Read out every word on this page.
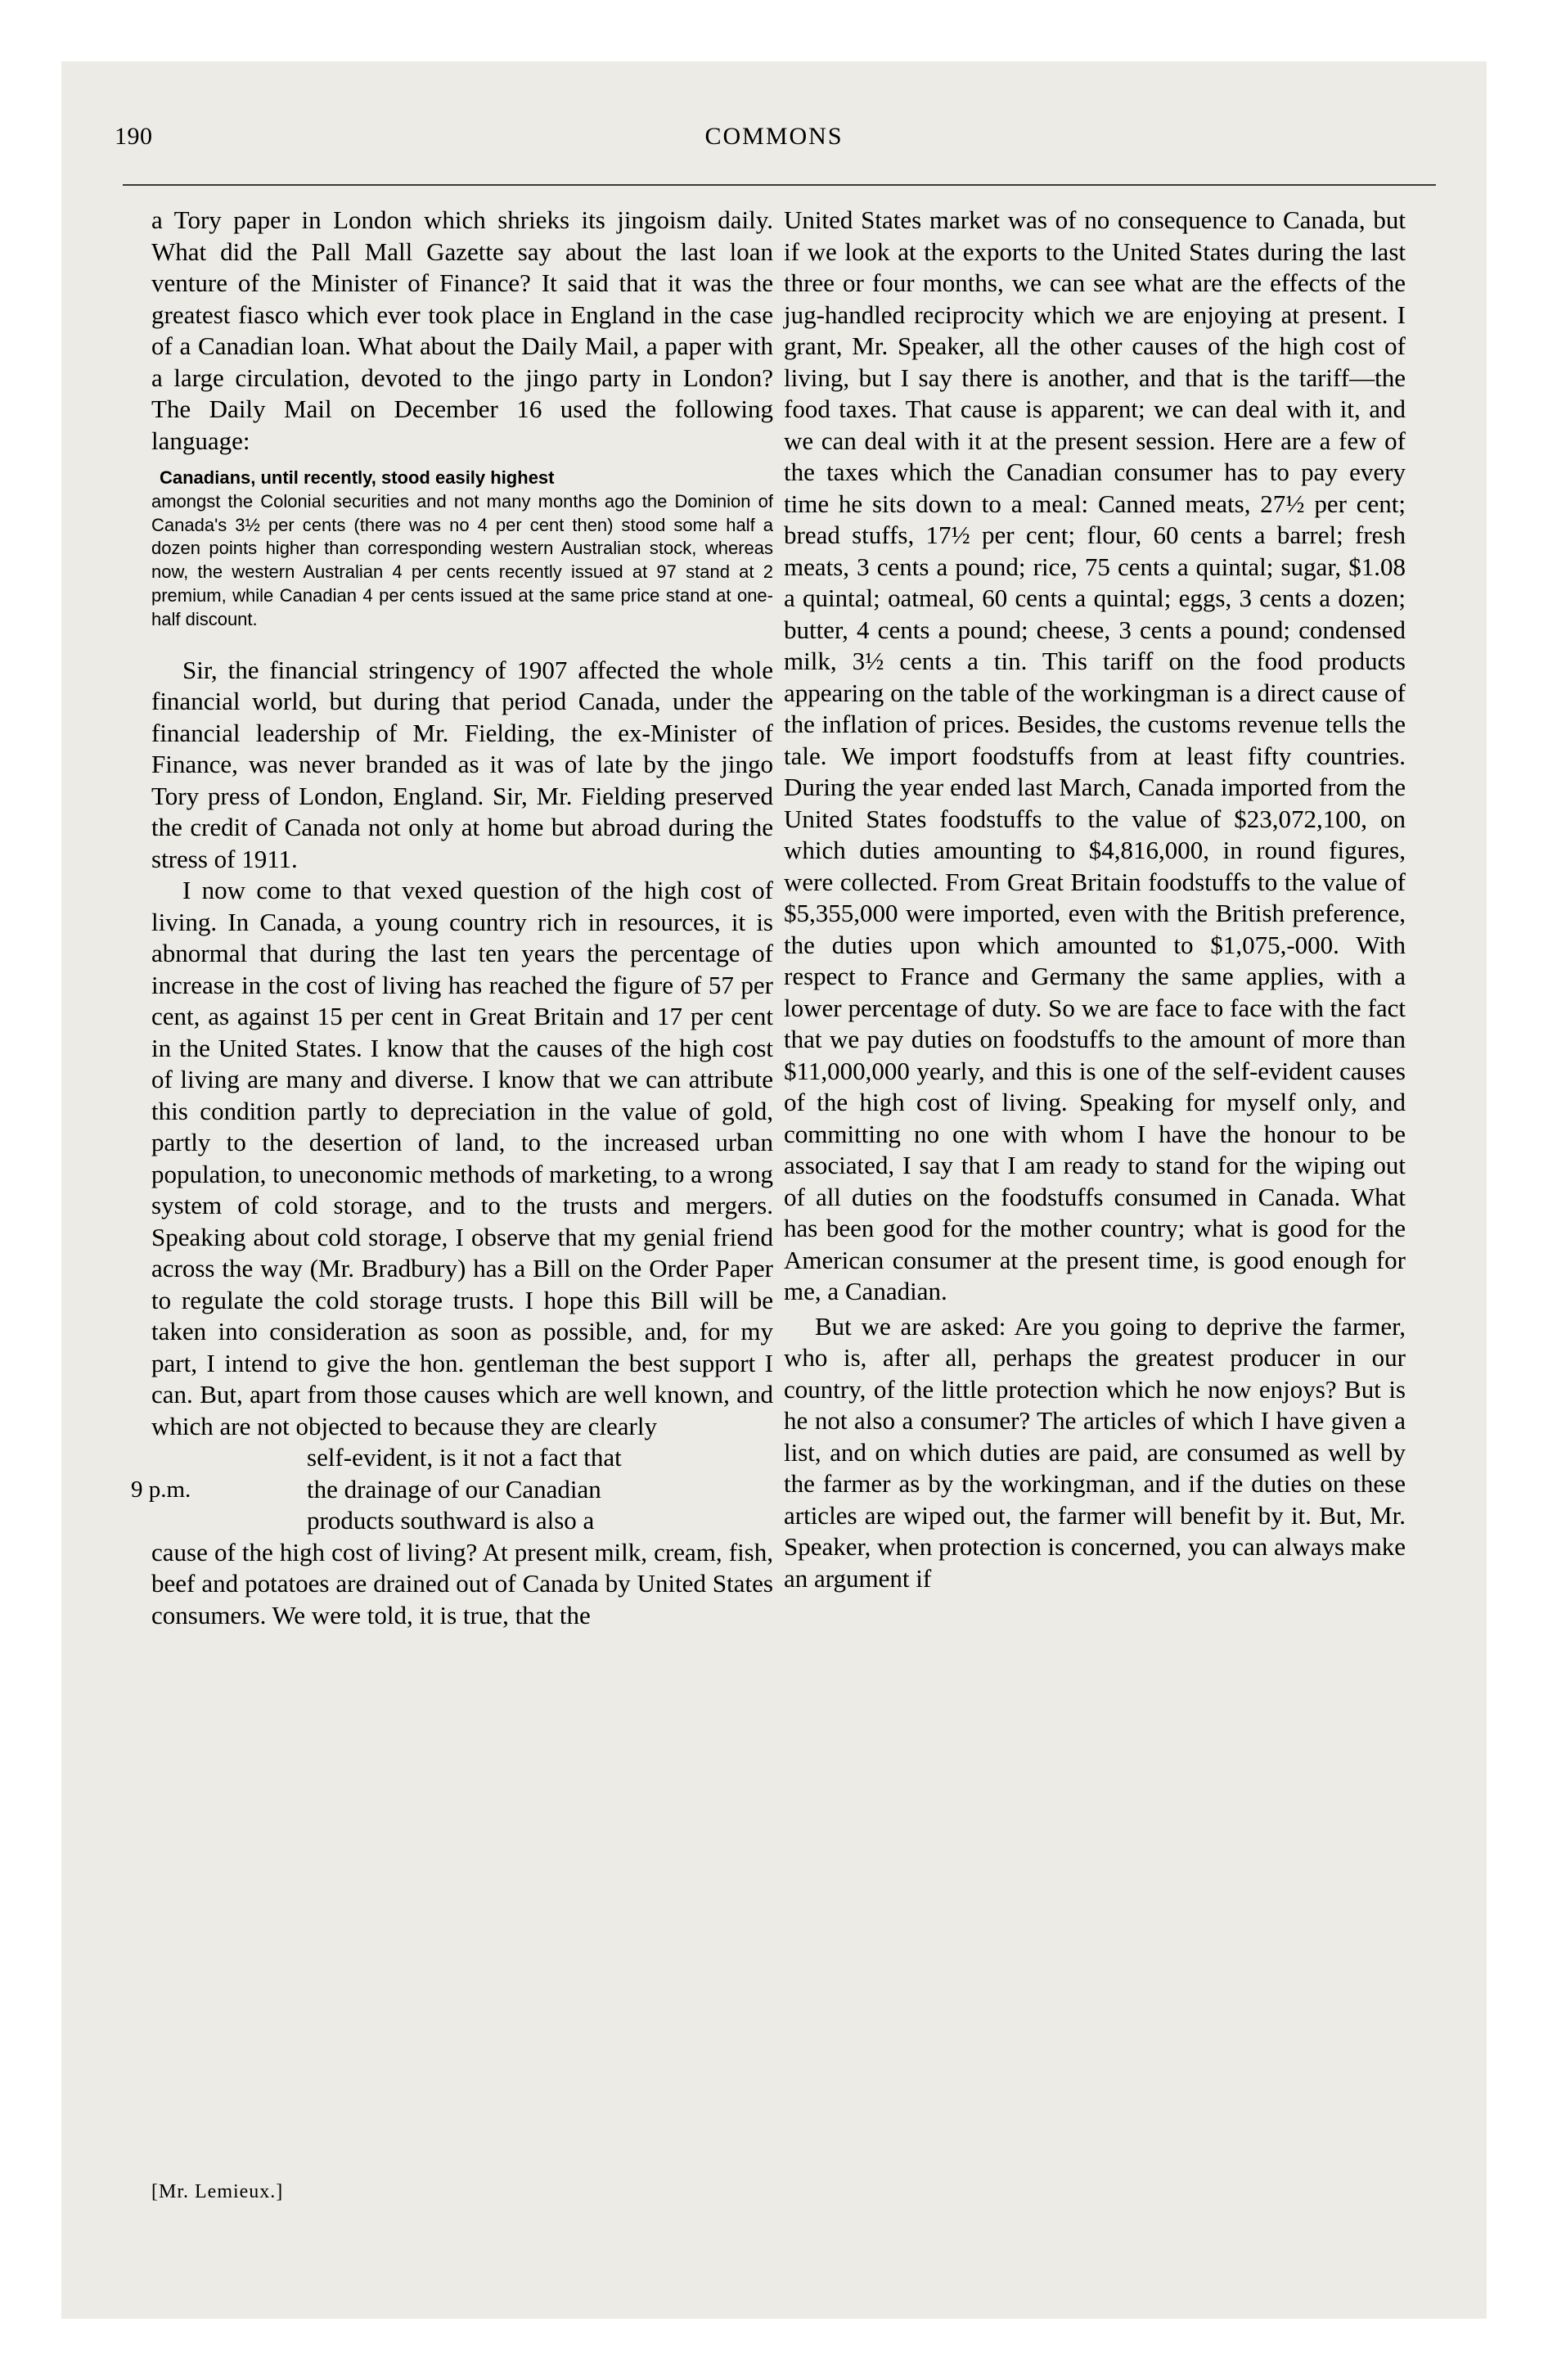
190	COMMONS

a Tory paper in London which shrieks its jingoism daily. What did the Pall Mall Gazette say about the last loan venture of the Minister of Finance? It said that it was the greatest fiasco which ever took place in England in the case of a Canadian loan. What about the Daily Mail, a paper with a large circulation, devoted to the jingo party in London? The Daily Mail on December 16 used the following language:

Canadians, until recently, stood easily highest

amongst the Colonial securities and not many months ago the Dominion of Canada's 3½ per cents (there was no 4 per cent then) stood some half a dozen points higher than corresponding western Australian stock, whereas now, the western Australian 4 per cents recently issued at 97 stand at 2 premium, while Canadian 4 per cents issued at the same price stand at one-half discount.

Sir, the financial stringency of 1907 affected the whole financial world, but during that period Canada, under the financial leadership of Mr. Fielding, the ex-Minister of Finance, was never branded as it was of late by the jingo Tory press of London, England. Sir, Mr. Fielding preserved the credit of Canada not only at home but abroad during the stress of 1911.

I now come to that vexed question of the high cost of living. In Canada, a young country rich in resources, it is abnormal that during the last ten years the percentage of increase in the cost of living has reached the figure of 57 per cent, as against 15 per cent in Great Britain and 17 per cent in the United States. I know that the causes of the high cost of living are many and diverse. I know that we can attribute this condition partly to depreciation in the value of gold, partly to the desertion of land, to the increased urban population, to uneconomic methods of marketing, to a wrong system of cold storage, and to the trusts and mergers. Speaking about cold storage, I observe that my genial friend across the way (Mr. Bradbury) has a Bill on the Order Paper to regulate the cold storage trusts. I hope this Bill will be taken into consideration as soon as possible, and, for my part, I intend to give the hon. gentleman the best support I can. But, apart from those causes which are well known, and which are not objected to because they are clearly

self-evident, is it not a fact that
9 p.m.	the drainage of our Canadian
products southward is also a

cause of the high cost of living? At present milk, cream, fish, beef and potatoes are drained out of Canada by United States consumers. We were told, it is true, that the

United States market was of no consequence to Canada, but if we look at the exports to the United States during the last three or four months, we can see what are the effects of the jug-handled reciprocity which we are enjoying at present. I grant, Mr. Speaker, all the other causes of the high cost of living, but I say there is another, and that is the tariff—the food taxes. That cause is apparent; we can deal with it, and we can deal with it at the present session. Here are a few of the taxes which the Canadian consumer has to pay every time he sits down to a meal: Canned meats, 27½ per cent; bread stuffs, 17½ per cent; flour, 60 cents a barrel; fresh meats, 3 cents a pound; rice, 75 cents a quintal; sugar, $1.08 a quintal; oatmeal, 60 cents a quintal; eggs, 3 cents a dozen; butter, 4 cents a pound; cheese, 3 cents a pound; condensed milk, 3½ cents a tin. This tariff on the food products appearing on the table of the workingman is a direct cause of the inflation of prices. Besides, the customs revenue tells the tale. We import foodstuffs from at least fifty countries. During the year ended last March, Canada imported from the United States foodstuffs to the value of $23,072,100, on which duties amounting to $4,816,000, in round figures, were collected. From Great Britain foodstuffs to the value of $5,355,000 were imported, even with the British preference, the duties upon which amounted to $1,075,-000. With respect to France and Germany the same applies, with a lower percentage of duty. So we are face to face with the fact that we pay duties on foodstuffs to the amount of more than $11,000,000 yearly, and this is one of the self-evident causes of the high cost of living. Speaking for myself only, and committing no one with whom I have the honour to be associated, I say that I am ready to stand for the wiping out of all duties on the foodstuffs consumed in Canada. What has been good for the mother country; what is good for the American consumer at the present time, is good enough for me, a Canadian.

But we are asked: Are you going to deprive the farmer, who is, after all, perhaps the greatest producer in our country, of the little protection which he now enjoys? But is he not also a consumer? The articles of which I have given a list, and on which duties are paid, are consumed as well by the farmer as by the workingman, and if the duties on these articles are wiped out, the farmer will benefit by it. But, Mr. Speaker, when protection is concerned, you can always make an argument if

[Mr. Lemieux.]
